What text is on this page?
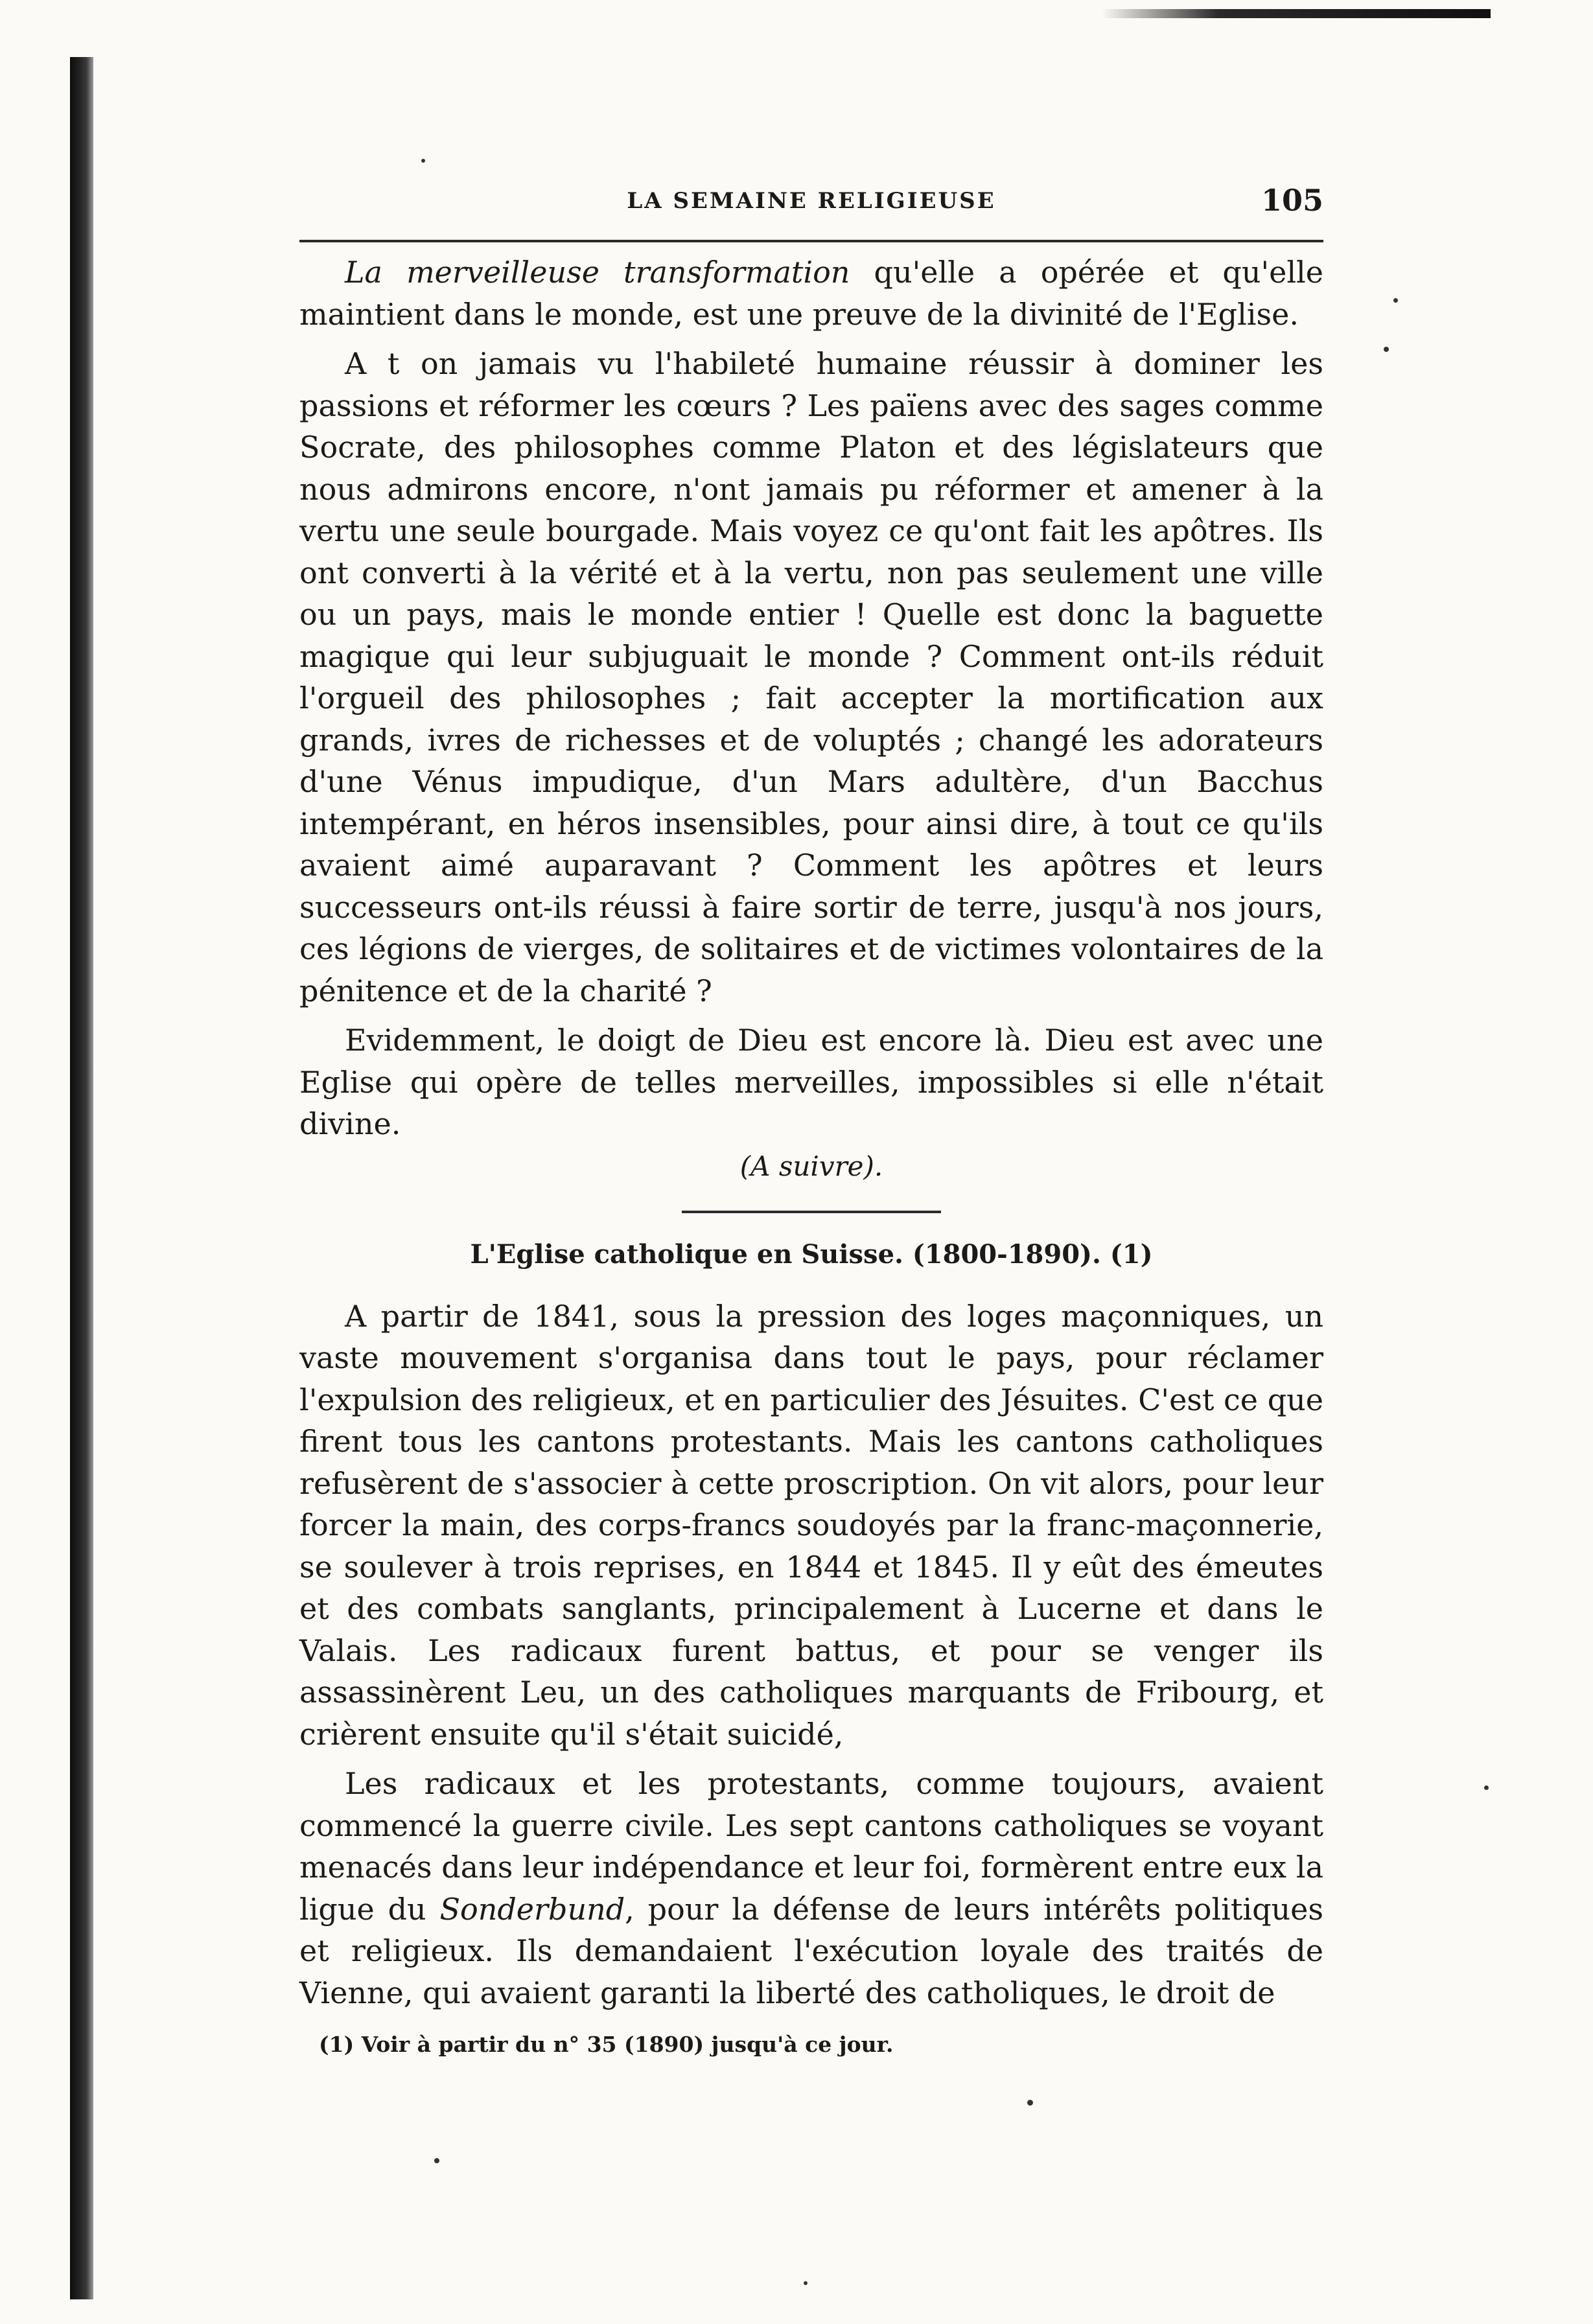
LA SEMAINE RELIGIEUSE	105

La merveilleuse transformation qu'elle a opérée et qu'elle maintient dans le monde, est une preuve de la divinité de l'Eglise.

A t on jamais vu l'habileté humaine réussir à dominer les passions et réformer les cœurs ? Les païens avec des sages comme Socrate, des philosophes comme Platon et des législateurs que nous admirons encore, n'ont jamais pu réformer et amener à la vertu une seule bourgade. Mais voyez ce qu'ont fait les apôtres. Ils ont converti à la vérité et à la vertu, non pas seulement une ville ou un pays, mais le monde entier ! Quelle est donc la baguette magique qui leur subjuguait le monde ? Comment ont-ils réduit l'orgueil des philosophes ; fait accepter la mortification aux grands, ivres de richesses et de voluptés ; changé les adorateurs d'une Vénus impudique, d'un Mars adultère, d'un Bacchus intempérant, en héros insensibles, pour ainsi dire, à tout ce qu'ils avaient aimé auparavant ? Comment les apôtres et leurs successeurs ont-ils réussi à faire sortir de terre, jusqu'à nos jours, ces légions de vierges, de solitaires et de victimes volontaires de la pénitence et de la charité ?

Evidemment, le doigt de Dieu est encore là. Dieu est avec une Eglise qui opère de telles merveilles, impossibles si elle n'était divine.

(A suivre).
L'Eglise catholique en Suisse. (1800-1890). (1)

A partir de 1841, sous la pression des loges maçonniques, un vaste mouvement s'organisa dans tout le pays, pour réclamer l'expulsion des religieux, et en particulier des Jésuites. C'est ce que firent tous les cantons protestants. Mais les cantons catholiques refusèrent de s'associer à cette proscription. On vit alors, pour leur forcer la main, des corps-francs soudoyés par la franc-maçonnerie, se soulever à trois reprises, en 1844 et 1845. Il y eût des émeutes et des combats sanglants, principalement à Lucerne et dans le Valais. Les radicaux furent battus, et pour se venger ils assassinèrent Leu, un des catholiques marquants de Fribourg, et crièrent ensuite qu'il s'était suicidé,

Les radicaux et les protestants, comme toujours, avaient commencé la guerre civile. Les sept cantons catholiques se voyant menacés dans leur indépendance et leur foi, formèrent entre eux la ligue du Sonderbund, pour la défense de leurs intérêts politiques et religieux. Ils demandaient l'exécution loyale des traités de Vienne, qui avaient garanti la liberté des catholiques, le droit de

(1) Voir à partir du n° 35 (1890) jusqu'à ce jour.
